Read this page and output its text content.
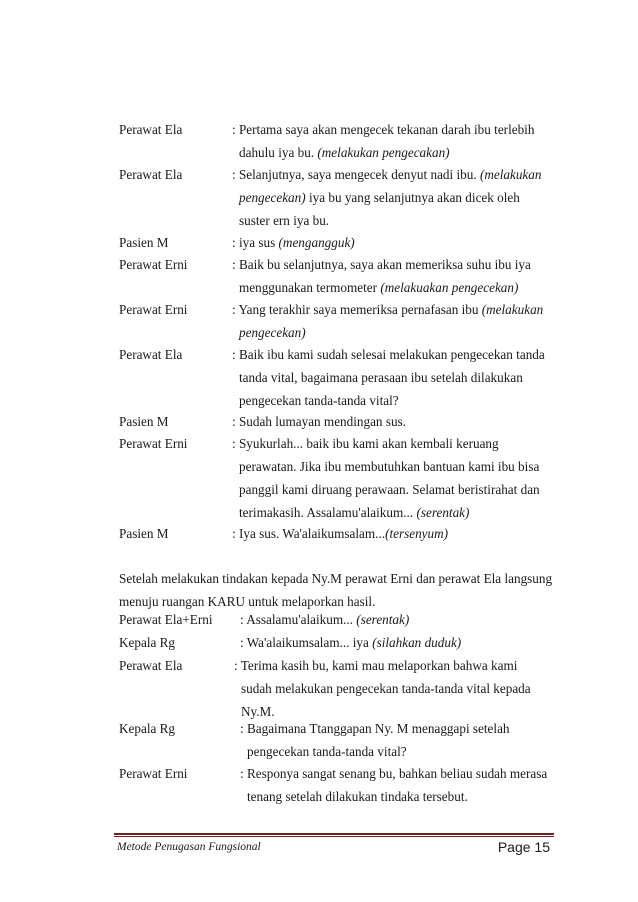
Perawat Ela	: Pertama saya akan mengecek tekanan darah ibu terlebih
dahulu iya bu. (melakukan pengecakan)
Perawat Ela	: Selanjutnya, saya mengecek denyut nadi ibu. (melakukan
pengecekan) iya bu yang selanjutnya akan dicek oleh
suster ern iya bu.
Pasien M	: iya sus (mengangguk)
Perawat Erni	: Baik bu selanjutnya, saya akan memeriksa suhu ibu iya
menggunakan termometer (melakuakan pengecekan)
Perawat Erni	: Yang terakhir saya memeriksa pernafasan ibu (melakukan
pengecekan)
Perawat Ela	: Baik ibu kami sudah selesai melakukan pengecekan tanda
tanda vital, bagaimana perasaan ibu setelah dilakukan
pengecekan tanda-tanda vital?
Pasien M	: Sudah lumayan mendingan sus.
Perawat Erni	: Syukurlah... baik ibu kami akan kembali keruang
perawatan. Jika ibu membutuhkan bantuan kami ibu bisa
panggil kami diruang perawaan. Selamat beristirahat dan
terimakasih. Assalamu'alaikum... (serentak)
Pasien M	: Iya sus. Wa'alaikumsalam...(tersenyum)
Setelah melakukan tindakan kepada Ny.M perawat Erni dan perawat Ela langsung
menuju ruangan KARU untuk melaporkan hasil.
Perawat Ela+Erni : Assalamu'alaikum... (serentak)
Kepala Rg	: Wa'alaikumsalam... iya (silahkan duduk)
Perawat Ela	: Terima kasih bu, kami mau melaporkan bahwa kami
sudah melakukan pengecekan tanda-tanda vital kepada
Ny.M.
Kepala Rg	: Bagaimana Ttanggapan Ny. M menaggapi setelah
pengecekan tanda-tanda vital?
Perawat Erni	: Responya sangat senang bu, bahkan beliau sudah merasa
tenang setelah dilakukan tindaka tersebut.
Metode Penugasan Fungsional	Page 15
